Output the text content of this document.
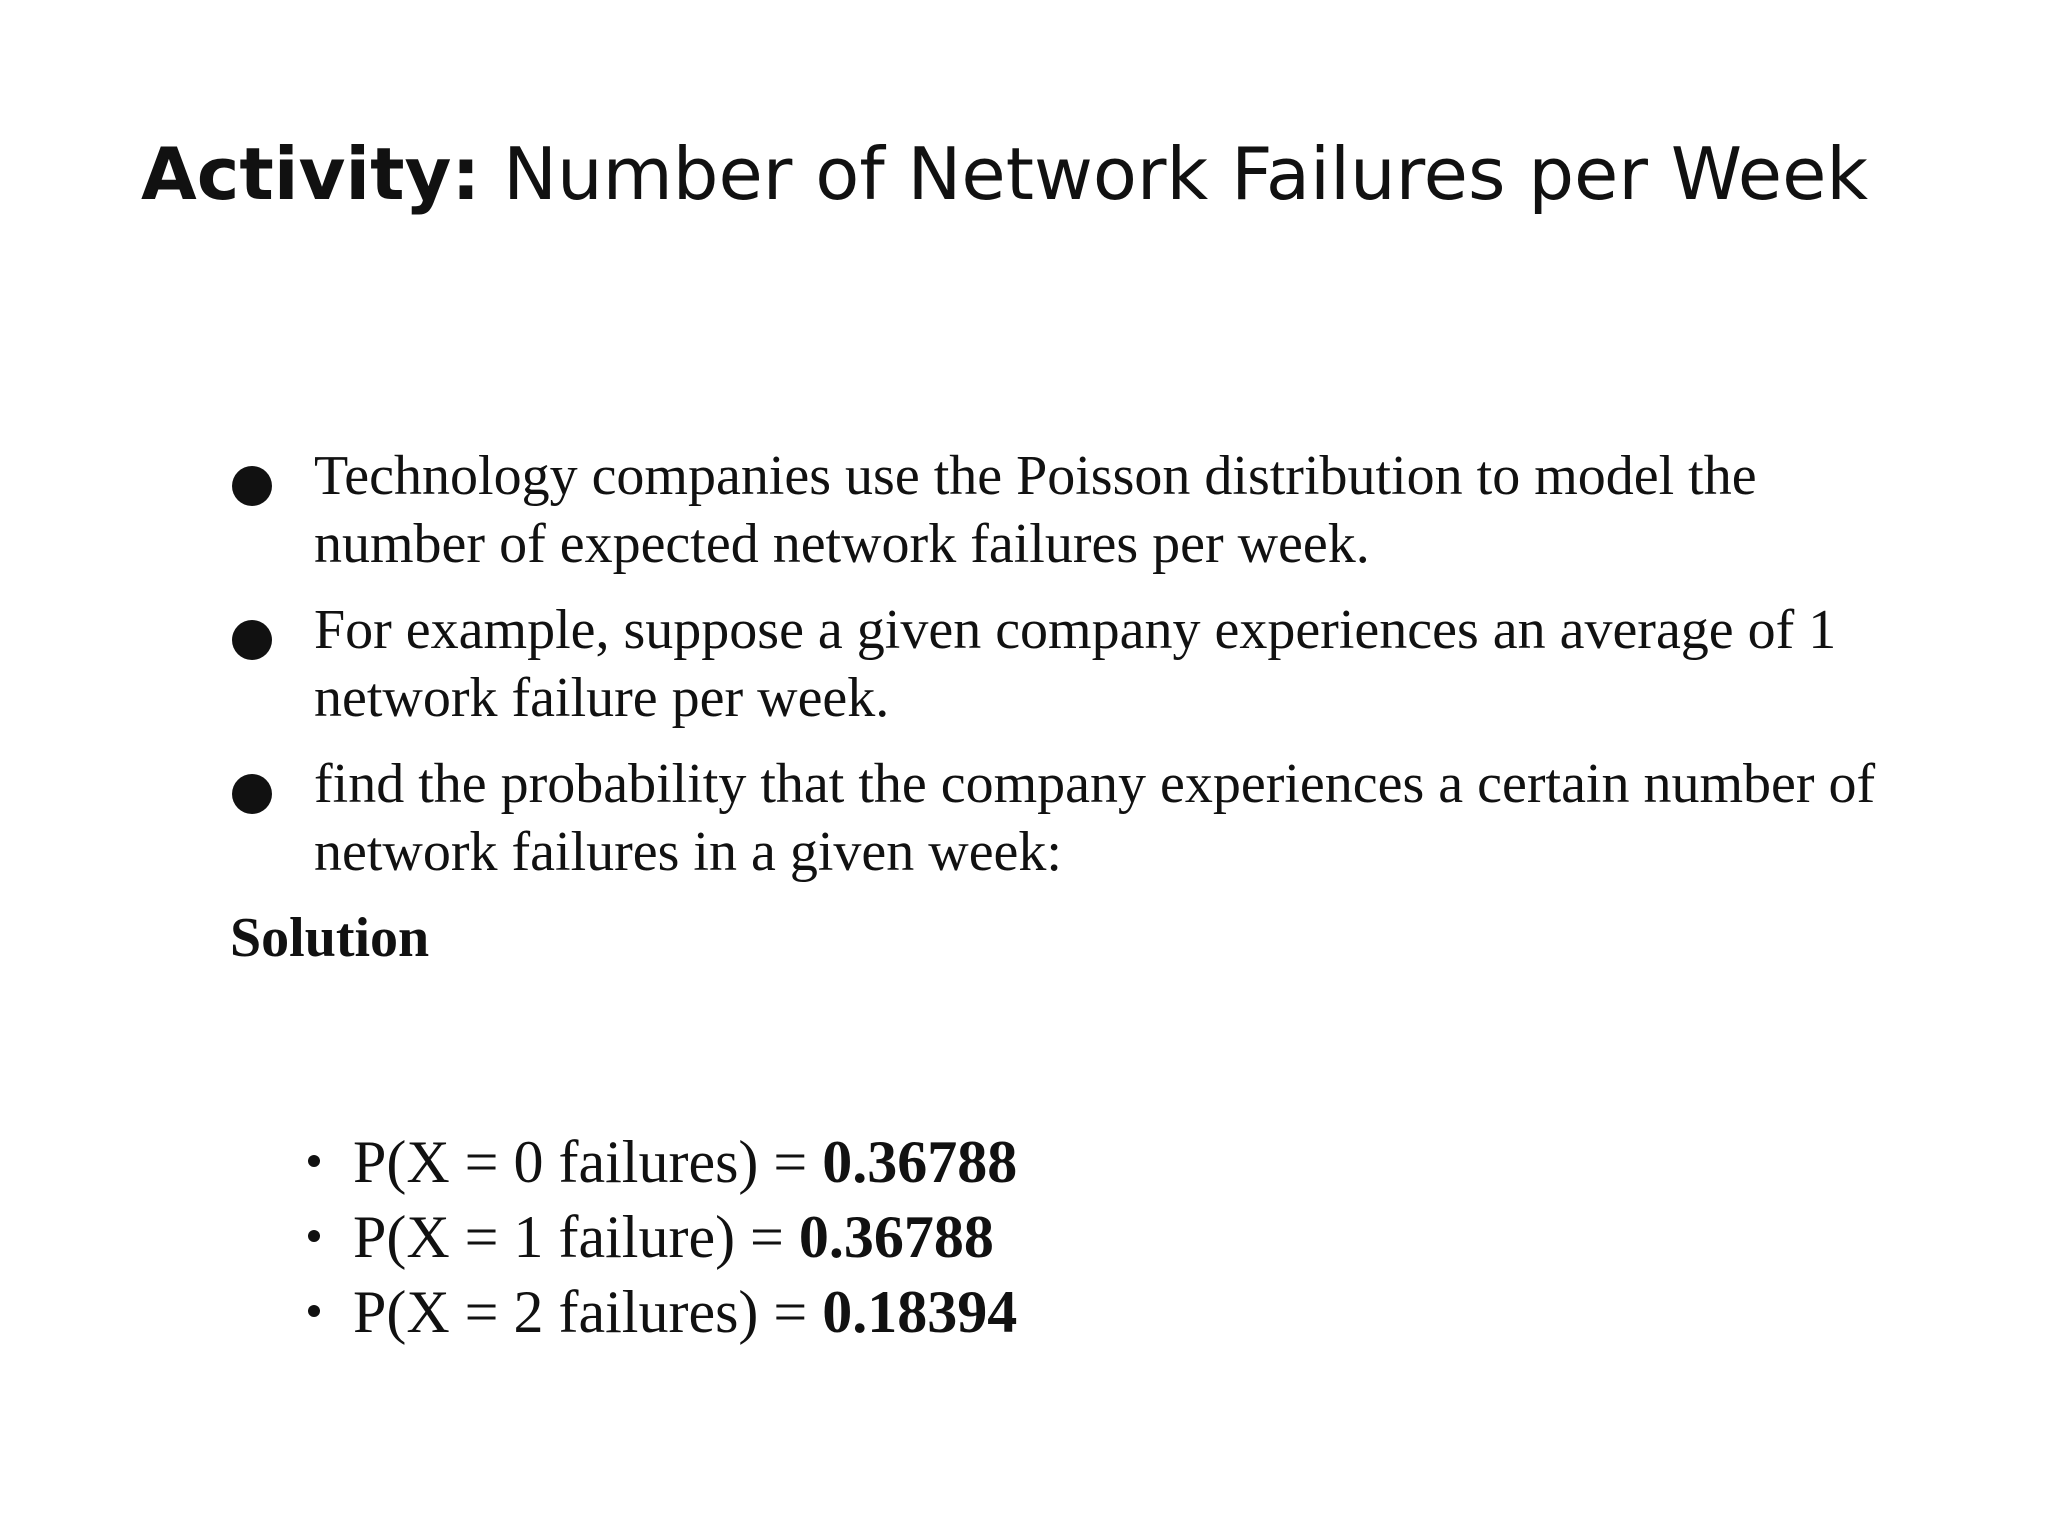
Activity: Number of Network Failures per Week
Technology companies use the Poisson distribution to model the number of expected network failures per week.
For example, suppose a given company experiences an average of 1 network failure per week.
find the probability that the company experiences a certain number of network failures in a given week:

Solution

P(X = 0 failures) = 0.36788
P(X = 1 failure) = 0.36788
P(X = 2 failures) = 0.18394
